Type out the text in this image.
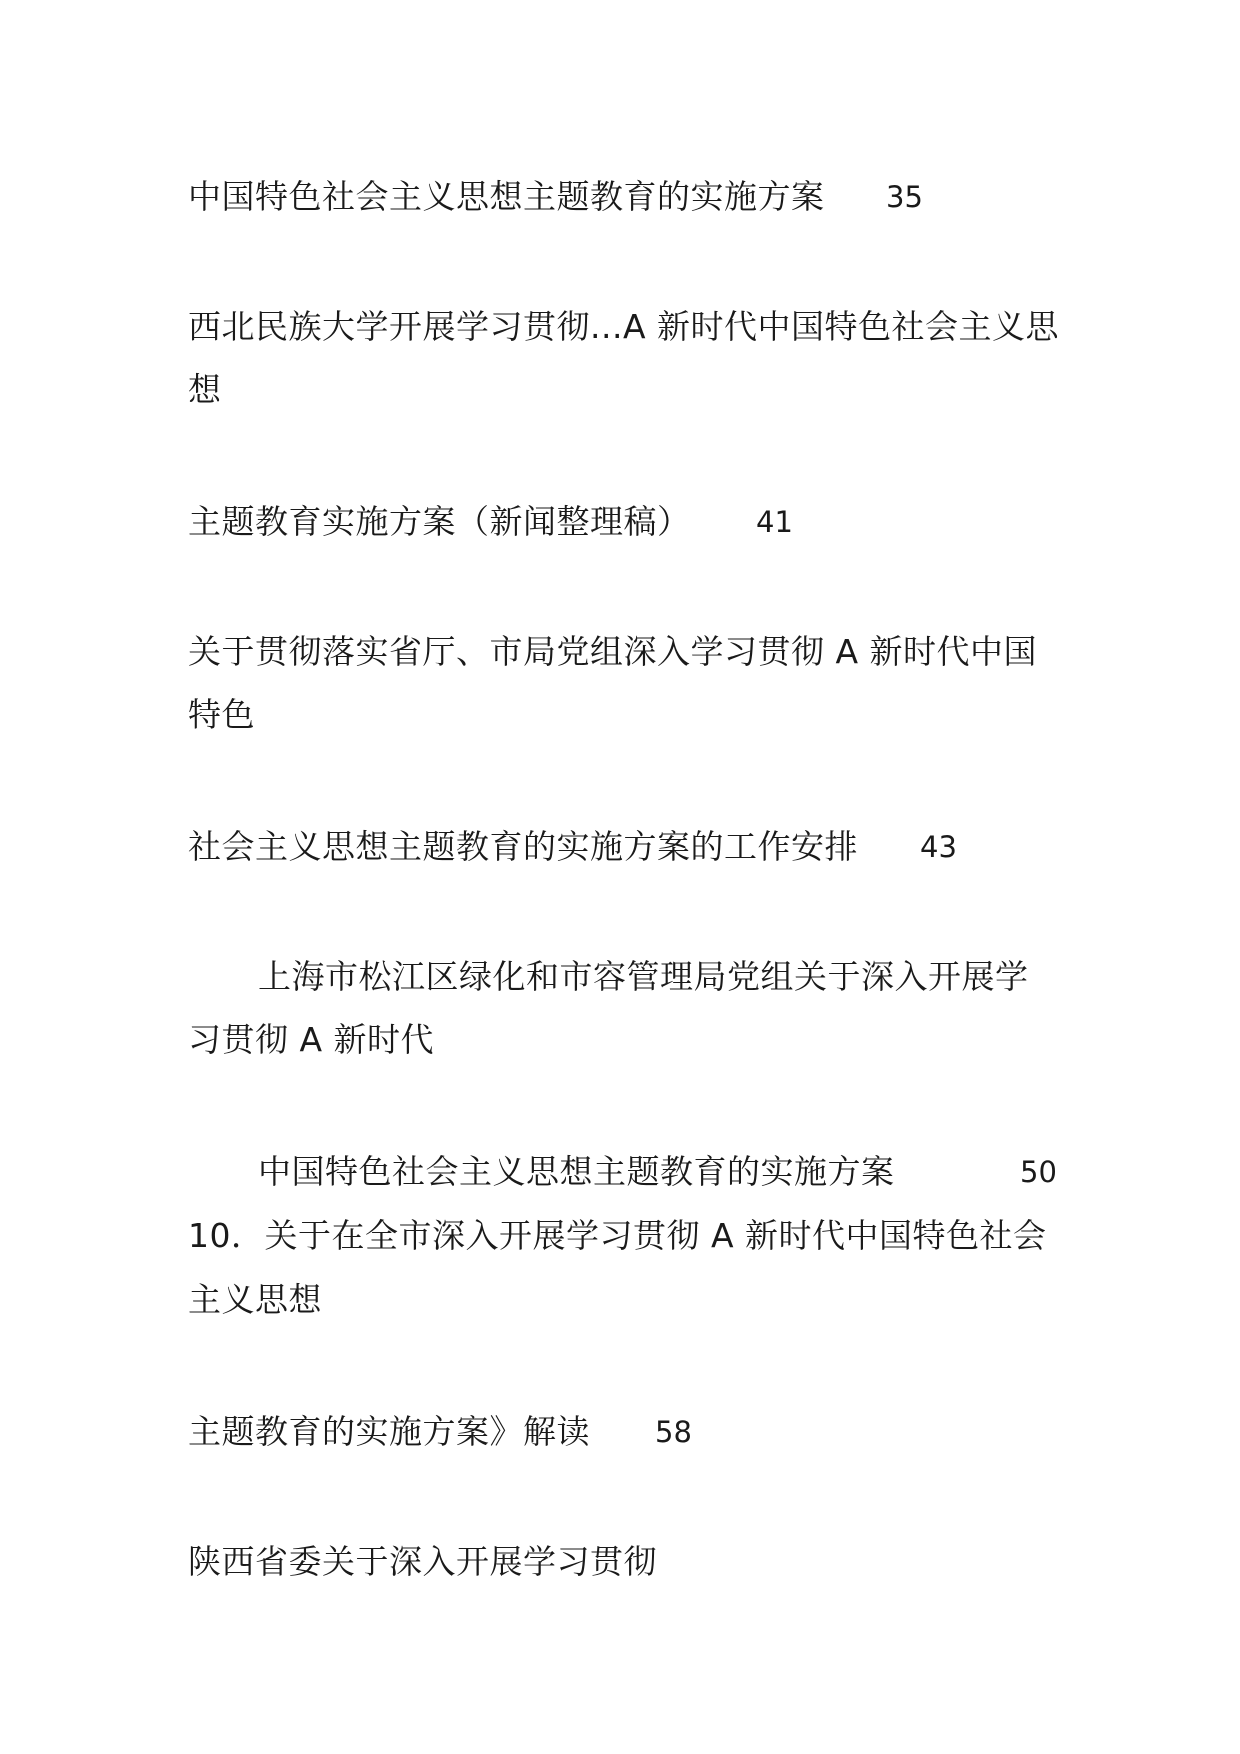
中国特色社会主义思想主题教育的实施方案	35
西北民族大学开展学习贯彻...A 新时代中国特色社会主义思
想
主题教育实施方案（新闻整理稿）	41
关于贯彻落实省厅、市局党组深入学习贯彻 A 新时代中国
特色
社会主义思想主题教育的实施方案的工作安排	43
上海市松江区绿化和市容管理局党组关于深入开展学
习贯彻 A 新时代
中国特色社会主义思想主题教育的实施方案	50
10．关于在全市深入开展学习贯彻 A 新时代中国特色社会
主义思想
主题教育的实施方案》解读	58
陕西省委关于深入开展学习贯彻
